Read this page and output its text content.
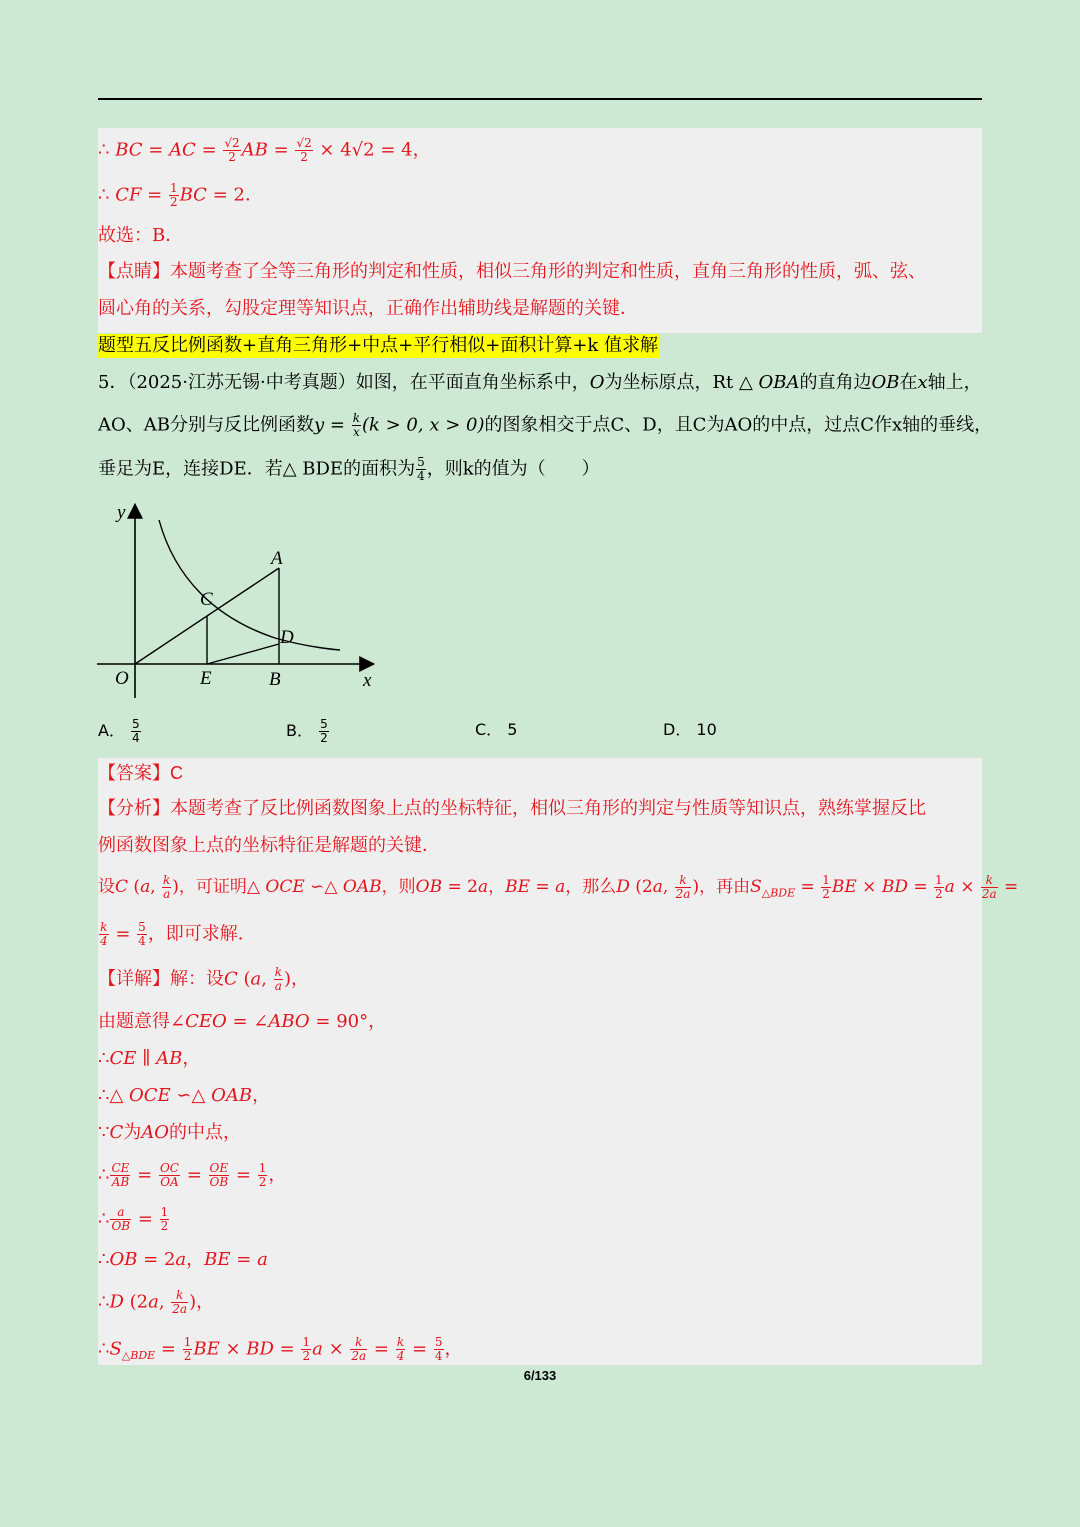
∴ BC = AC = $\frac{√2}{2}$ AB = $\frac{√2}{2} \times 4√2 = 4$，
∴ CF = $\frac{1}{2}$ BC = 2．
故选：B．
【点睛】本题考查了全等三角形的判定和性质，相似三角形的判定和性质，直角三角形的性质，弧、弦、
圆心角的关系，勾股定理等知识点，正确作出辅助线是解题的关键．
题型五反比例函数+直角三角形+中点+平行相似+面积计算+k 值求解
5．（2025·江苏无锡·中考真题）如图，在平面直角坐标系中，O为坐标原点，Rt △ OBA的直角边OB在x轴上，
AO、AB分别与反比例函数$y = \frac{k}{x} (k > 0$, x > 0)的图象相交于点C、D，且C为AO的中点，过点C作x轴的垂线，
垂足为E，连接DE．若△ BDE的面积为 $\frac{5}{4}$ ，则k的值为（　　）
y
x
O
A
B
C
D
E
A． $\frac{5}{4}$	B． $\frac{5}{2}$	C． 5	D． 10
【答案】C
【分析】本题考查了反比例函数图象上点的坐标特征，相似三角形的判定与性质等知识点，熟练掌握反比
例函数图象上点的坐标特征是解题的关键．
设C (a, $\frac{k}{a}$ )，可证明△ OCE ∽△ OAB，则OB = 2a，BE = a，那么D (2a, $\frac{k}{2a}$ )，再由$S_{\triangle BDE} = \frac{1}{2}$ BE × BD = $\frac{1}{2}$ $a \times \frac{k}{2a}$ =
$\frac{k}{4} = \frac{5}{4}$ ，即可求解．
【详解】解：设C (a, $\frac{k}{a}$ )，
由题意得∠CEO = ∠ABO = 90°，
∴CE ∥ AB，
∴△ OCE ∽△ OAB，
∵C为AO的中点，
∴ $\frac{CE}{AB} = \frac{OC}{OA} = \frac{OE}{OB} = \frac{1}{2}$ ，
∴ $\frac{a}{OB} = \frac{1}{2}$
∴OB = 2a，BE = a
∴D (2a, $\frac{k}{2a}$ )，
$\therefore S_{\triangle BDE} = \frac{1}{2}$ BE × BD = $\frac{1}{2}$ $a \times \frac{k}{2a} = \frac{k}{4} = \frac{5}{4}$ ，
6/133
